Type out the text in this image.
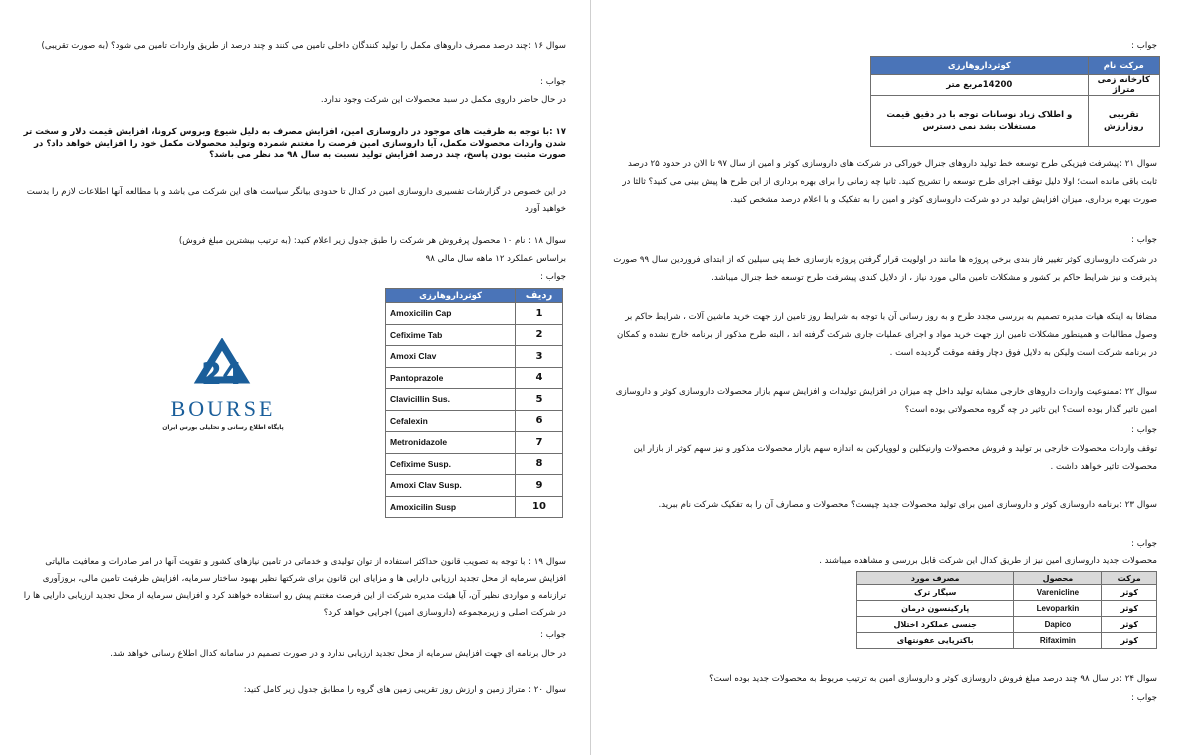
سوال ۱۶ :چند درصد مصرف داروهای مکمل را تولید کنندگان داخلی تامین می کنند و چند درصد از طریق واردات تامین می شود؟ (به صورت تقریبی)

جواب :

در حال حاضر داروی مکمل در سبد محصولات این شرکت وجود ندارد.

۱۷ :با توجه به ظرفیت های موجود در داروسازی امین، افزایش مصرف به دلیل شیوع ویروس کرونا، افزایش قیمت دلار و سخت تر شدن واردات محصولات مکمل، آیا داروسازی امین فرصت را مغتنم شمرده وتولید محصولات مکمل خود را افزایش خواهد داد؟ در صورت مثبت بودن پاسخ، چند درصد افزایش تولید نسبت به سال ۹۸ مد نظر می باشد؟

در این خصوص در گزارشات تفسیری داروسازی امین در کدال تا حدودی بیانگر سیاست های این شرکت می باشد و با مطالعه آنها اطلاعات لازم را بدست خواهید آورد

سوال ۱۸ : نام ۱۰ محصول پرفروش هر شرکت را طبق جدول زیر اعلام کنید: (به ترتیب بیشترین مبلغ فروش)

براساس عملکرد ۱۲ ماهه سال مالی ۹۸

جواب :

24
BOURSE
پایگاه اطلاع رسانی و تحلیلی بورس ایران
ردیف	کوثرداروهارزی
1	Amoxicilin Cap
2	Cefixime Tab
3	Amoxi Clav
4	Pantoprazole
5	Clavicillin Sus.
6	Cefalexin
7	Metronidazole
8	Cefixime Susp.
9	Amoxi Clav Susp.
10	Amoxicilin Susp

سوال ۱۹ : با توجه به تصویب قانون حداکثر استفاده از توان تولیدی و خدماتی در تامین نیازهای کشور و تقویت آنها در امر صادرات و معافیت مالیاتی افزایش سرمایه از محل تجدید ارزیابی دارایی ها و مزایای این قانون برای شرکتها نظیر بهبود ساختار سرمایه، افزایش ظرفیت تامین مالی، بروزآوری ترازنامه و مواردی نظیر آن، آیا هیئت مدیره شرکت از این فرصت مغتنم پیش رو استفاده خواهند کرد و افزایش سرمایه از محل تجدید ارزیابی دارایی ها را در شرکت اصلی و زیرمجموعه (داروسازی امین) اجرایی خواهد کرد؟

جواب :

در حال برنامه ای جهت افزایش سرمایه از محل تجدید ارزیابی ندارد و در صورت تصمیم در سامانه کدال اطلاع رسانی خواهد شد.

سوال ۲۰ : متراژ زمین و ارزش روز تقریبی زمین های گروه را مطابق جدول زیر کامل کنید:

جواب :

مرکت نام	کوثرداروهارزی
کارخانه زمی متراژ	14200مربع متر
تقریبی روزارزش	و اطلاک زیاد نوسانات توجه با در دقیق قیمت مستغلات بشد نمی دسترس

سوال ۲۱ :پیشرفت فیزیکی طرح توسعه خط تولید داروهای جنرال خوراکی در شرکت های داروسازی کوثر و امین از سال ۹۷ تا الان در حدود ۲۵ درصد ثابت باقی مانده است؛ اولا دلیل توقف اجرای طرح توسعه را تشریح کنید. ثانیا چه زمانی را برای بهره برداری از این طرح ها پیش بینی می کنید؟ ثالثا در صورت بهره برداری، میزان افزایش تولید در دو شرکت داروسازی کوثر و امین را به تفکیک و با اعلام درصد مشخص کنید.

جواب :

در شرکت داروسازی کوثر تغییر فاز بندی برخی پروژه ها مانند در اولویت قرار گرفتن پروژه بازسازی خط پنی سیلین که از ابتدای فروردین سال ۹۹ صورت پذیرفت و نیز شرایط حاکم بر کشور و مشکلات تامین مالی مورد نیاز ، از دلایل کندی پیشرفت طرح توسعه خط جنرال میباشد.

مضافا به اینکه هیات مدیره تصمیم به بررسی مجدد طرح و به روز رسانی آن با توجه به شرایط روز تامین ارز جهت خرید ماشین آلات ، شرایط حاکم بر وصول مطالبات و همینطور مشکلات تامین ارز جهت خرید مواد و اجرای عملیات جاری شرکت گرفته اند ، البته طرح مذکور از برنامه خارج نشده و کمکان در برنامه شرکت است ولیکن به دلایل فوق دچار وقفه موقت گردیده است .

سوال ۲۲ :ممنوعیت واردات داروهای خارجی مشابه تولید داخل چه میزان در افزایش تولیدات و افزایش سهم بازار محصولات داروسازی کوثر و داروسازی امین تاثیر گذار بوده است؟ این تاثیر در چه گروه محصولاتی بوده است؟

جواب :

توقف واردات محصولات خارجی بر تولید و فروش محصولات وارنیکلین و لووپارکین به اندازه سهم بازار محصولات مذکور و نیز سهم کوثر از بازار این محصولات تاثیر خواهد داشت .

سوال ۲۳ :برنامه داروسازی کوثر و داروسازی امین برای تولید محصولات جدید چیست؟ محصولات و مصارف آن را به تفکیک شرکت نام ببرید.

جواب :

محصولات جدید داروسازی امین نیز از طریق کدال این شرکت قابل بررسی و مشاهده میباشند .

مرکت	محصول	مصرف مورد
کوثر	Varenicline	سیگار ترک
کوثر	Levoparkin	پارکینسون درمان
کوثر	Dapico	جنسی عملکرد اختلال
کوثر	Rifaximin	باکتریایی عفونتهای

سوال ۲۴ :در سال ۹۸ چند درصد مبلغ فروش داروسازی کوثر و داروسازی امین به ترتیب مربوط به محصولات جدید بوده است؟

جواب :
